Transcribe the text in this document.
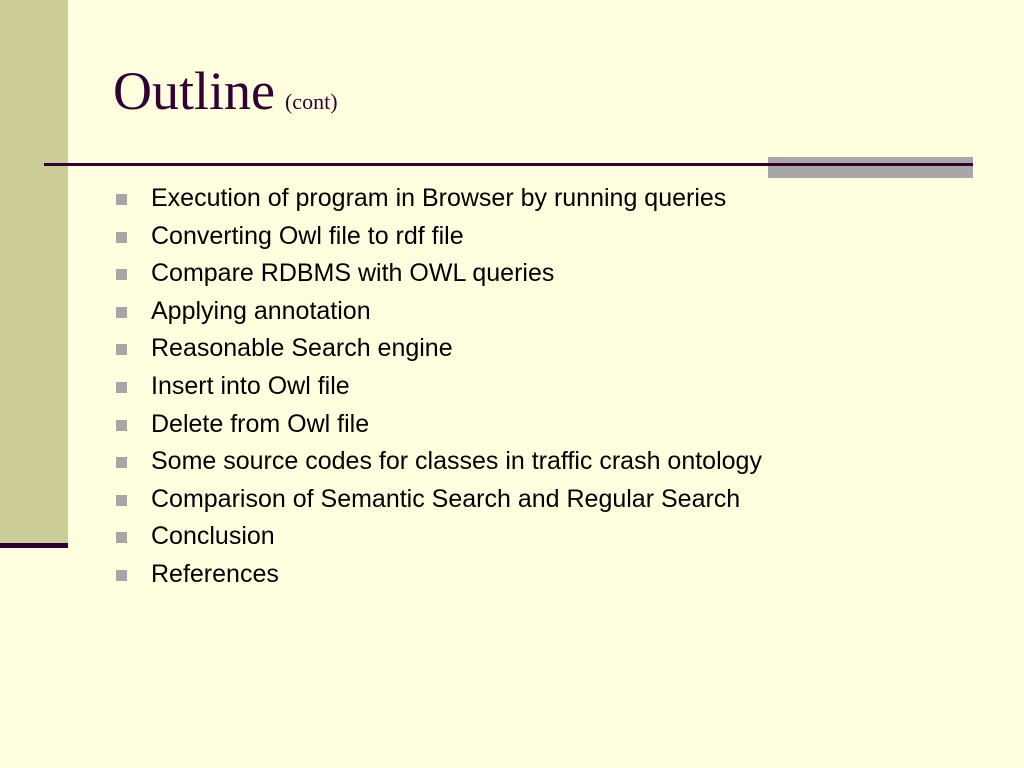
Outline (cont)
Execution of program in Browser by running queries
Converting Owl file to rdf file
Compare RDBMS with OWL queries
Applying annotation
Reasonable Search engine
Insert into Owl file
Delete from Owl file
Some source codes for classes in traffic crash ontology
Comparison of Semantic Search and Regular Search
Conclusion
References
